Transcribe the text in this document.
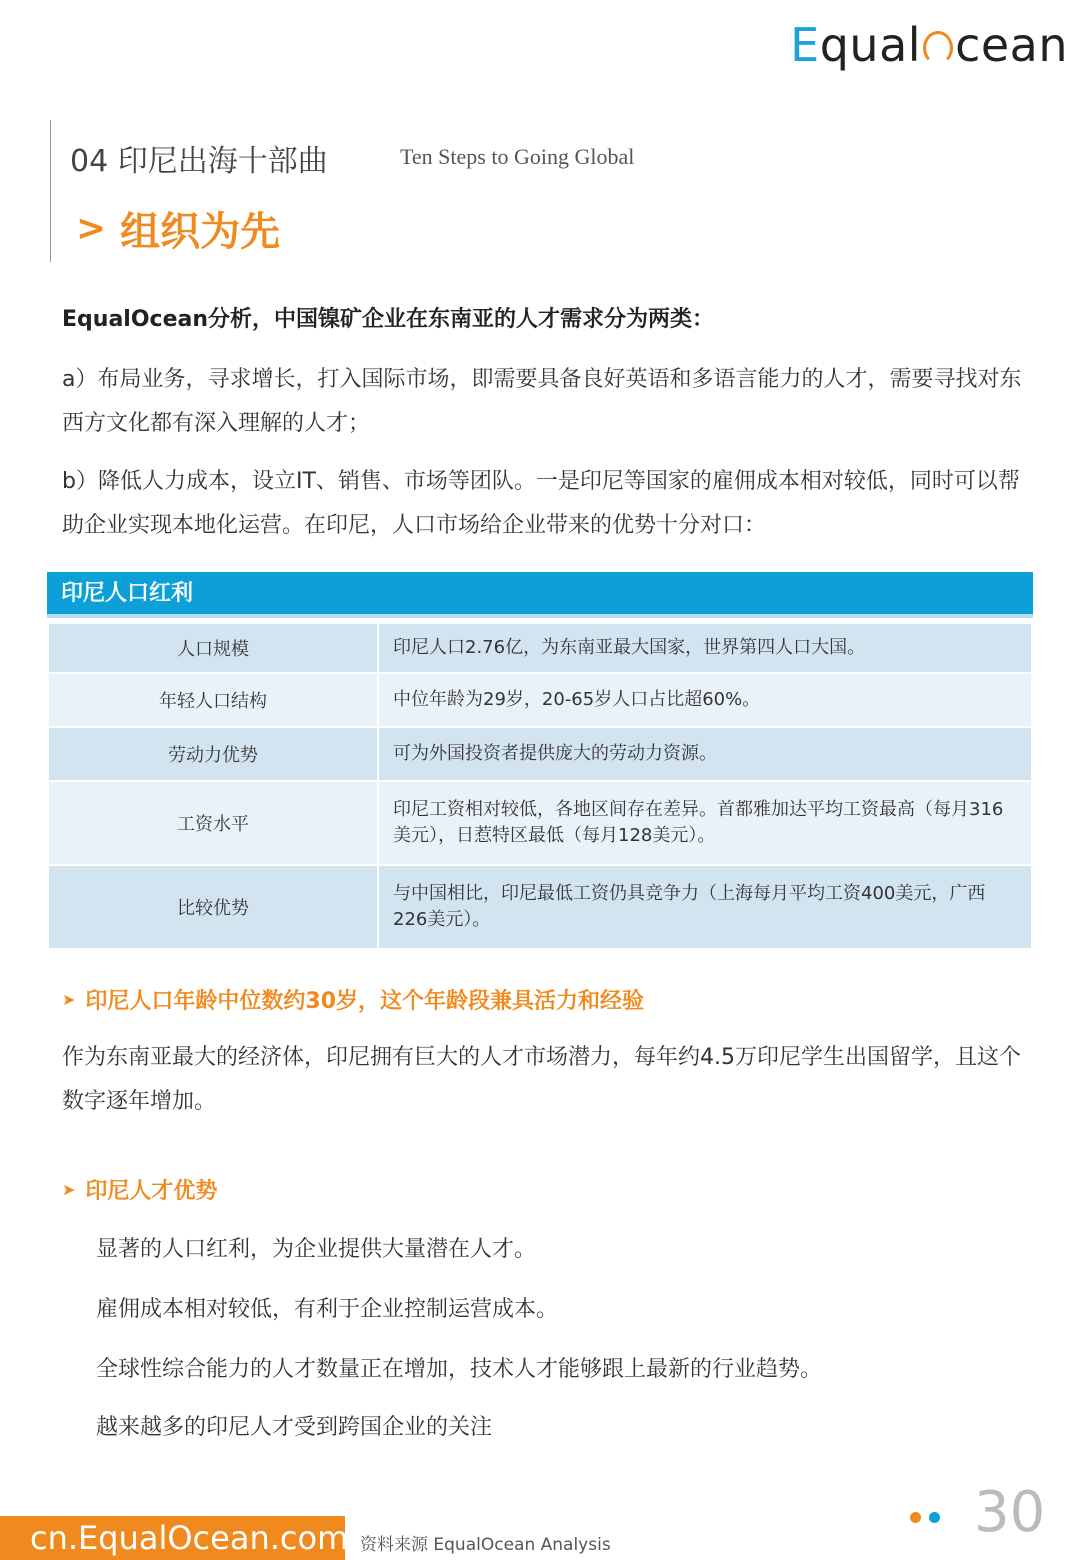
Equal cean
04 印尼出海十部曲	Ten Steps to Going Global
> 组织为先
EqualOcean分析，中国镍矿企业在东南亚的人才需求分为两类：
a）布局业务，寻求增长，打入国际市场，即需要具备良好英语和多语言能力的人才，需要寻找对东西方文化都有深入理解的人才；
b）降低人力成本，设立IT、销售、市场等团队。一是印尼等国家的雇佣成本相对较低，同时可以帮助企业实现本地化运营。在印尼，人口市场给企业带来的优势十分对口：
印尼人口红利
人口规模	印尼人口2.76亿，为东南亚最大国家，世界第四人口大国。
年轻人口结构	中位年龄为29岁，20-65岁人口占比超60%。
劳动力优势	可为外国投资者提供庞大的劳动力资源。
工资水平	印尼工资相对较低，各地区间存在差异。首都雅加达平均工资最高（每月316美元），日惹特区最低（每月128美元）。
比较优势	与中国相比，印尼最低工资仍具竞争力（上海每月平均工资400美元，广西226美元）。
➤ 印尼人口年龄中位数约30岁，这个年龄段兼具活力和经验
作为东南亚最大的经济体，印尼拥有巨大的人才市场潜力，每年约4.5万印尼学生出国留学，且这个数字逐年增加。
➤ 印尼人才优势
显著的人口红利，为企业提供大量潜在人才。
雇佣成本相对较低，有利于企业控制运营成本。
全球性综合能力的人才数量正在增加，技术人才能够跟上最新的行业趋势。
越来越多的印尼人才受到跨国企业的关注
cn.EqualOcean.com 资料来源 EqualOcean Analysis	30
